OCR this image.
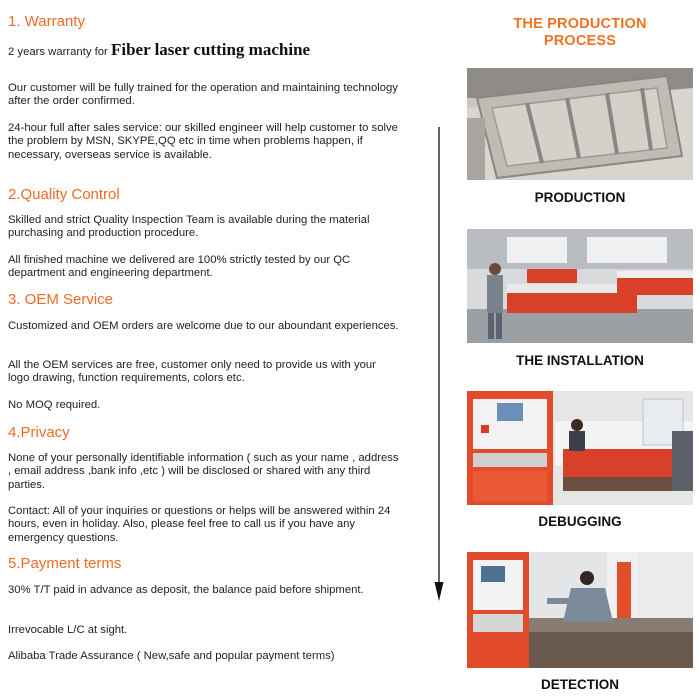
1. Warranty
2 years warranty for Fiber laser cutting machine
Our customer will be fully trained for the operation and maintaining technology after the order confirmed.
24-hour full after sales service: our skilled engineer will help customer to solve the problem by MSN, SKYPE,QQ etc in time when problems happen, if necessary, overseas service is available.
2.Quality Control
Skilled and strict Quality Inspection Team is available during the material purchasing and production procedure.
All finished machine we delivered are 100% strictly tested by our QC department and engineering department.
3. OEM Service
Customized and OEM orders are welcome due to our aboundant experiences.
All the OEM services are free, customer only need to provide us with your logo drawing, function requirements, colors etc.
No MOQ required.
4.Privacy
None of your personally identifiable information ( such as your name , address , email address ,bank info ,etc ) will be disclosed or shared with any third parties.
Contact: All of your inquiries or questions or helps will be answered within 24 hours, even in holiday. Also, please feel free to call us if you have any emergency questions.
5.Payment terms
30% T/T paid in advance as deposit, the balance paid before shipment.
Irrevocable L/C at sight.
Alibaba Trade Assurance ( New,safe and popular payment terms)
THE PRODUCTION
PROCESS
PRODUCTION
THE INSTALLATION
DEBUGGING
DETECTION
